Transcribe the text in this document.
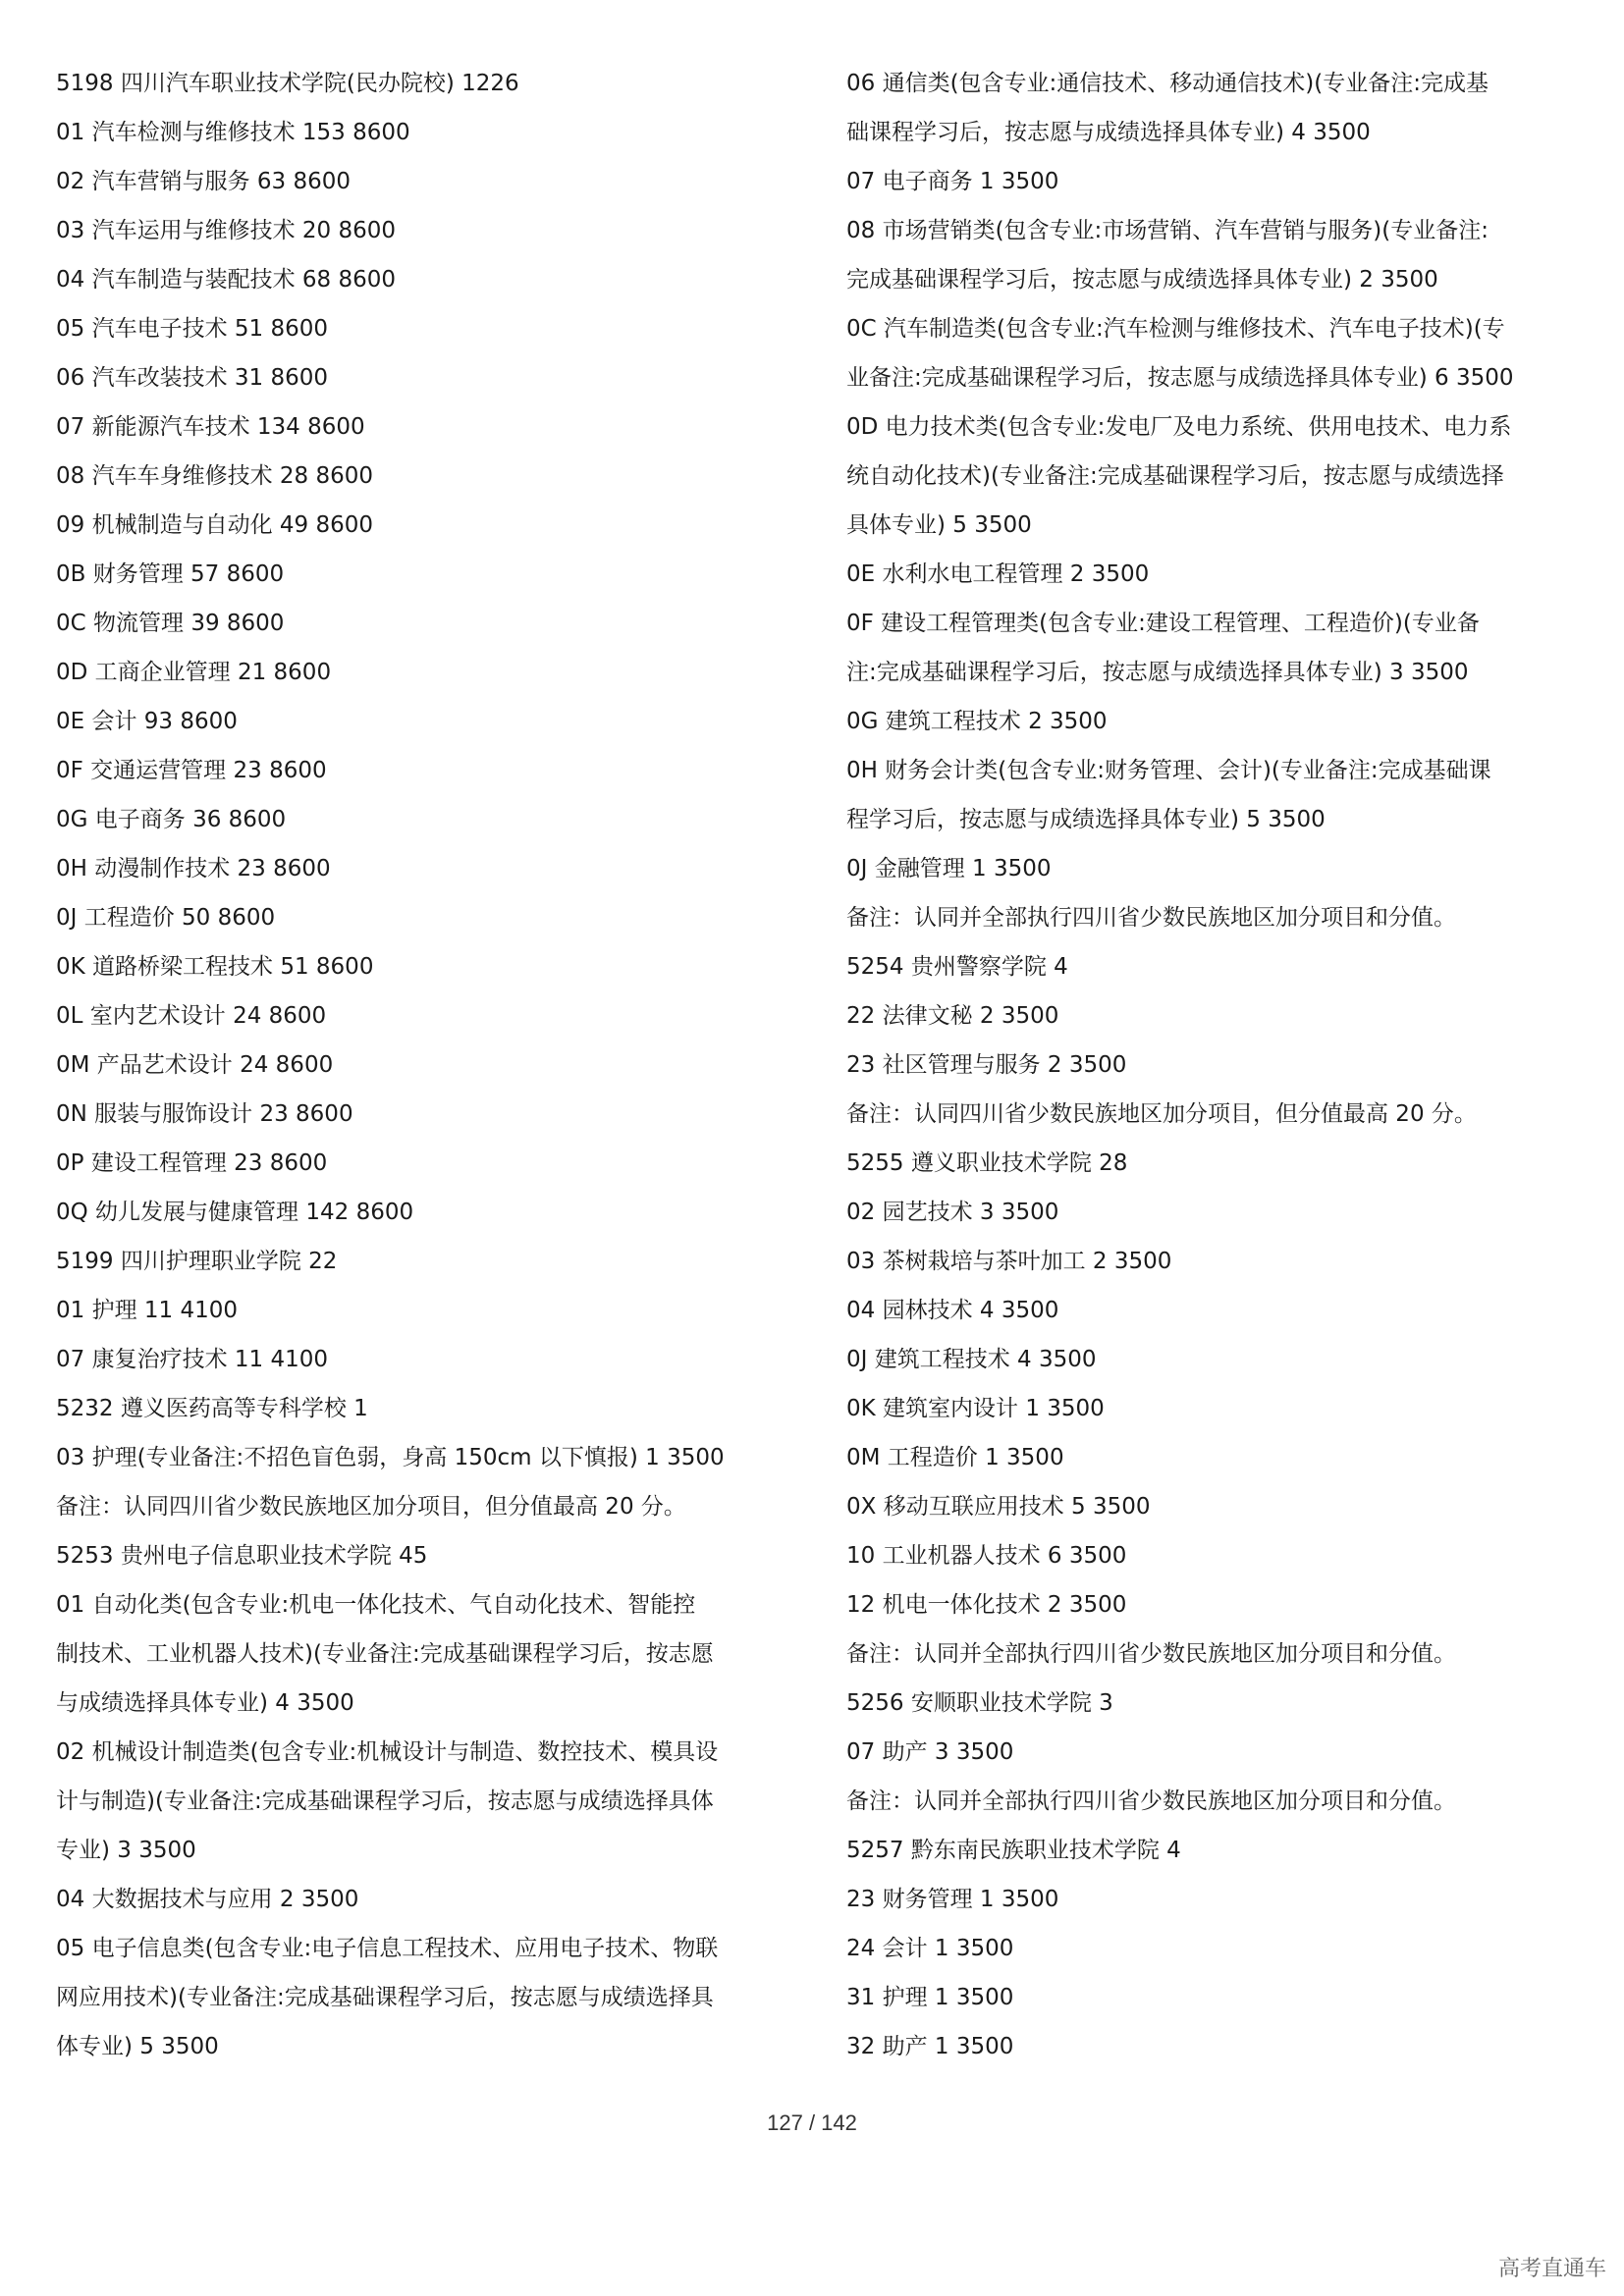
5198 四川汽车职业技术学院(民办院校) 1226
01 汽车检测与维修技术 153 8600
02 汽车营销与服务 63 8600
03 汽车运用与维修技术 20 8600
04 汽车制造与装配技术 68 8600
05 汽车电子技术 51 8600
06 汽车改装技术 31 8600
07 新能源汽车技术 134 8600
08 汽车车身维修技术 28 8600
09 机械制造与自动化 49 8600
0B 财务管理 57 8600
0C 物流管理 39 8600
0D 工商企业管理 21 8600
0E 会计 93 8600
0F 交通运营管理 23 8600
0G 电子商务 36 8600
0H 动漫制作技术 23 8600
0J 工程造价 50 8600
0K 道路桥梁工程技术 51 8600
0L 室内艺术设计 24 8600
0M 产品艺术设计 24 8600
0N 服装与服饰设计 23 8600
0P 建设工程管理 23 8600
0Q 幼儿发展与健康管理 142 8600
5199 四川护理职业学院 22
01 护理 11 4100
07 康复治疗技术 11 4100
5232 遵义医药高等专科学校 1
03 护理(专业备注:不招色盲色弱，身高 150cm 以下慎报) 1 3500
备注：认同四川省少数民族地区加分项目，但分值最高 20 分。
5253 贵州电子信息职业技术学院 45
01 自动化类(包含专业:机电一体化技术、气自动化技术、智能控
制技术、工业机器人技术)(专业备注:完成基础课程学习后，按志愿
与成绩选择具体专业) 4 3500
02 机械设计制造类(包含专业:机械设计与制造、数控技术、模具设
计与制造)(专业备注:完成基础课程学习后，按志愿与成绩选择具体
专业) 3 3500
04 大数据技术与应用 2 3500
05 电子信息类(包含专业:电子信息工程技术、应用电子技术、物联
网应用技术)(专业备注:完成基础课程学习后，按志愿与成绩选择具
体专业) 5 3500
06 通信类(包含专业:通信技术、移动通信技术)(专业备注:完成基
础课程学习后，按志愿与成绩选择具体专业) 4 3500
07 电子商务 1 3500
08 市场营销类(包含专业:市场营销、汽车营销与服务)(专业备注:
完成基础课程学习后，按志愿与成绩选择具体专业) 2 3500
0C 汽车制造类(包含专业:汽车检测与维修技术、汽车电子技术)(专
业备注:完成基础课程学习后，按志愿与成绩选择具体专业) 6 3500
0D 电力技术类(包含专业:发电厂及电力系统、供用电技术、电力系
统自动化技术)(专业备注:完成基础课程学习后，按志愿与成绩选择
具体专业) 5 3500
0E 水利水电工程管理 2 3500
0F 建设工程管理类(包含专业:建设工程管理、工程造价)(专业备
注:完成基础课程学习后，按志愿与成绩选择具体专业) 3 3500
0G 建筑工程技术 2 3500
0H 财务会计类(包含专业:财务管理、会计)(专业备注:完成基础课
程学习后，按志愿与成绩选择具体专业) 5 3500
0J 金融管理 1 3500
备注：认同并全部执行四川省少数民族地区加分项目和分值。
5254 贵州警察学院 4
22 法律文秘 2 3500
23 社区管理与服务 2 3500
备注：认同四川省少数民族地区加分项目，但分值最高 20 分。
5255 遵义职业技术学院 28
02 园艺技术 3 3500
03 茶树栽培与茶叶加工 2 3500
04 园林技术 4 3500
0J 建筑工程技术 4 3500
0K 建筑室内设计 1 3500
0M 工程造价 1 3500
0X 移动互联应用技术 5 3500
10 工业机器人技术 6 3500
12 机电一体化技术 2 3500
备注：认同并全部执行四川省少数民族地区加分项目和分值。
5256 安顺职业技术学院 3
07 助产 3 3500
备注：认同并全部执行四川省少数民族地区加分项目和分值。
5257 黔东南民族职业技术学院 4
23 财务管理 1 3500
24 会计 1 3500
31 护理 1 3500
32 助产 1 3500
127 / 142
高考直通车
